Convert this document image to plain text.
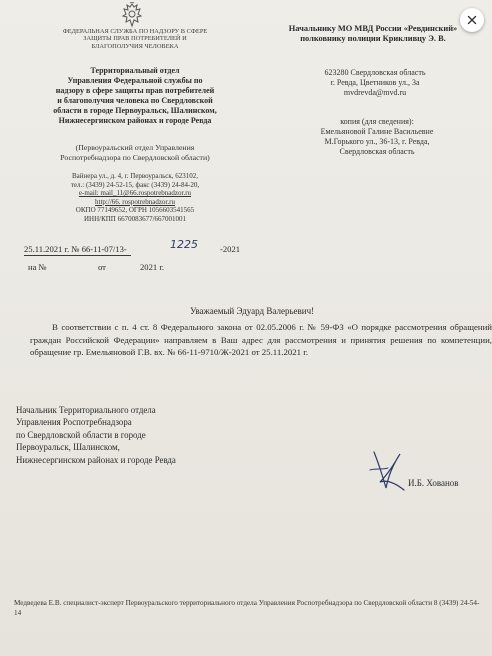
ФЕДЕРАЛЬНАЯ СЛУЖБА ПО НАДЗОРУ В СФЕРЕ
ЗАЩИТЫ ПРАВ ПОТРЕБИТЕЛЕЙ И
БЛАГОПОЛУЧИЯ ЧЕЛОВЕКА
Территориальный отдел
Управления Федеральной службы по
надзору в сфере защиты прав потребителей
и благополучия человека по Свердловской
области в городе Первоуральск, Шалинском,
Нижнесергинском районах и городе Ревда
(Первоуральский отдел Управления
Роспотребнадзора по Свердловской области)
Вайнера ул., д. 4, г. Первоуральск, 623102,
тел.: (3439) 24-52-15, факс (3439) 24-84-20,
e-mail: mail_11@66.rospotrebnadzor.ru
http://66. rospotrebnadzor.ru
ОКПО 77149652, ОГРН 1056603541565
ИНН/КПП 6670083677/667001001
Начальнику МО МВД России «Ревдинский»
полковнику полиции Крикливцу Э. В.
623280 Свердловская область
г. Ревда, Цветников ул., 3а
mvdrevda@mvd.ru
копия (для сведения):
Емельяновой Галине Васильевне
М.Горького ул., 36-13, г. Ревда,
Свердловская область
25.11.2021 г. № 66-11-07/13-	1225	-2021
на №	от	2021 г.
Уважаемый Эдуард Валерьевич!

В соответствии с п. 4 ст. 8 Федерального закона от 02.05.2006 г. № 59-ФЗ «О порядке рассмотрения обращений граждан Российской Федерации» направляем в Ваш адрес для рассмотрения и принятия решения по компетенции, обращение гр. Емельяновой Г.В. вх. № 66-11-9710/Ж-2021 от 25.11.2021 г.

Начальник Территориального отдела
Управления Роспотребнадзора
по Свердловской области в городе
Первоуральск, Шалинском,
Нижнесергинском районах и городе Ревда
И.Б. Хованов
Медведева Е.В. специалист-эксперт Первоуральского территориального отдела Управления Роспотребнадзора по Свердловской области 8 (3439) 24-54-14
